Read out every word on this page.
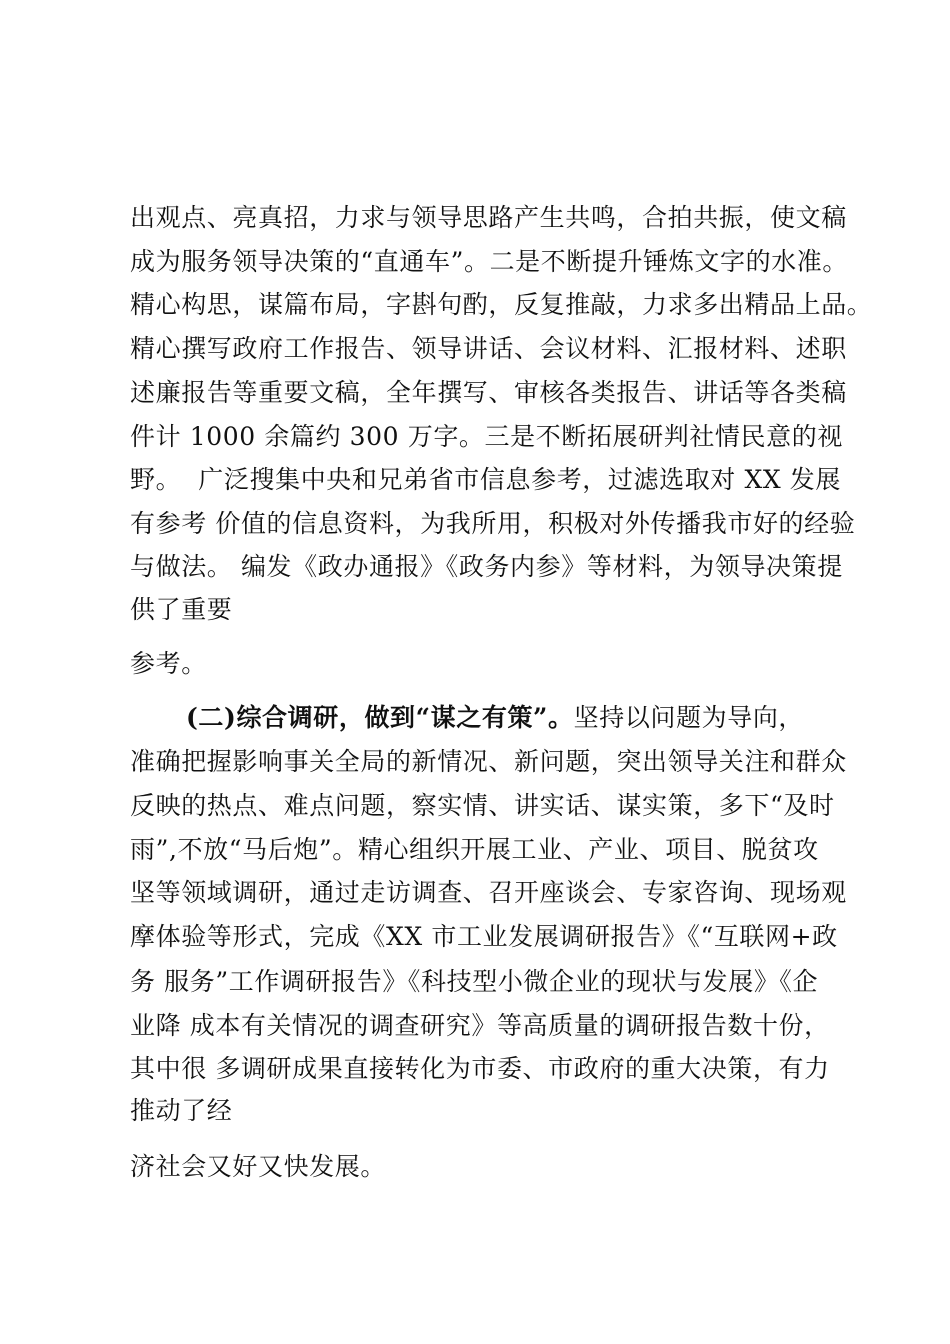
出观点、亮真招，力求与领导思路产生共鸣，合拍共振，使文稿
成为服务领导决策的“直通车”。二是不断提升锤炼文字的水准。
精心构思，谋篇布局，字斟句酌，反复推敲，力求多出精品上品。
精心撰写政府工作报告、领导讲话、会议材料、汇报材料、述职
述廉报告等重要文稿，全年撰写、审核各类报告、讲话等各类稿
件计 1000 余篇约 300 万字。三是不断拓展研判社情民意的视
野。  广泛搜集中央和兄弟省市信息参考，过滤选取对 XX 发展
有参考 价值的信息资料，为我所用，积极对外传播我市好的经验
与做法。 编发《政办通报》《政务内参》等材料，为领导决策提
供了重要
参考。
(二)综合调研，做到“谋之有策”。坚持以问题为导向，
准确把握影响事关全局的新情况、新问题，突出领导关注和群众
反映的热点、难点问题，察实情、讲实话、谋实策，多下“及时
雨”,不放“马后炮”。精心组织开展工业、产业、项目、脱贫攻
坚等领域调研，通过走访调查、召开座谈会、专家咨询、现场观
摩体验等形式，完成《XX 市工业发展调研报告》《“互联网+政
务 服务”工作调研报告》《科技型小微企业的现状与发展》《企
业降 成本有关情况的调查研究》等高质量的调研报告数十份，
其中很 多调研成果直接转化为市委、市政府的重大决策，有力
推动了经
济社会又好又快发展。
